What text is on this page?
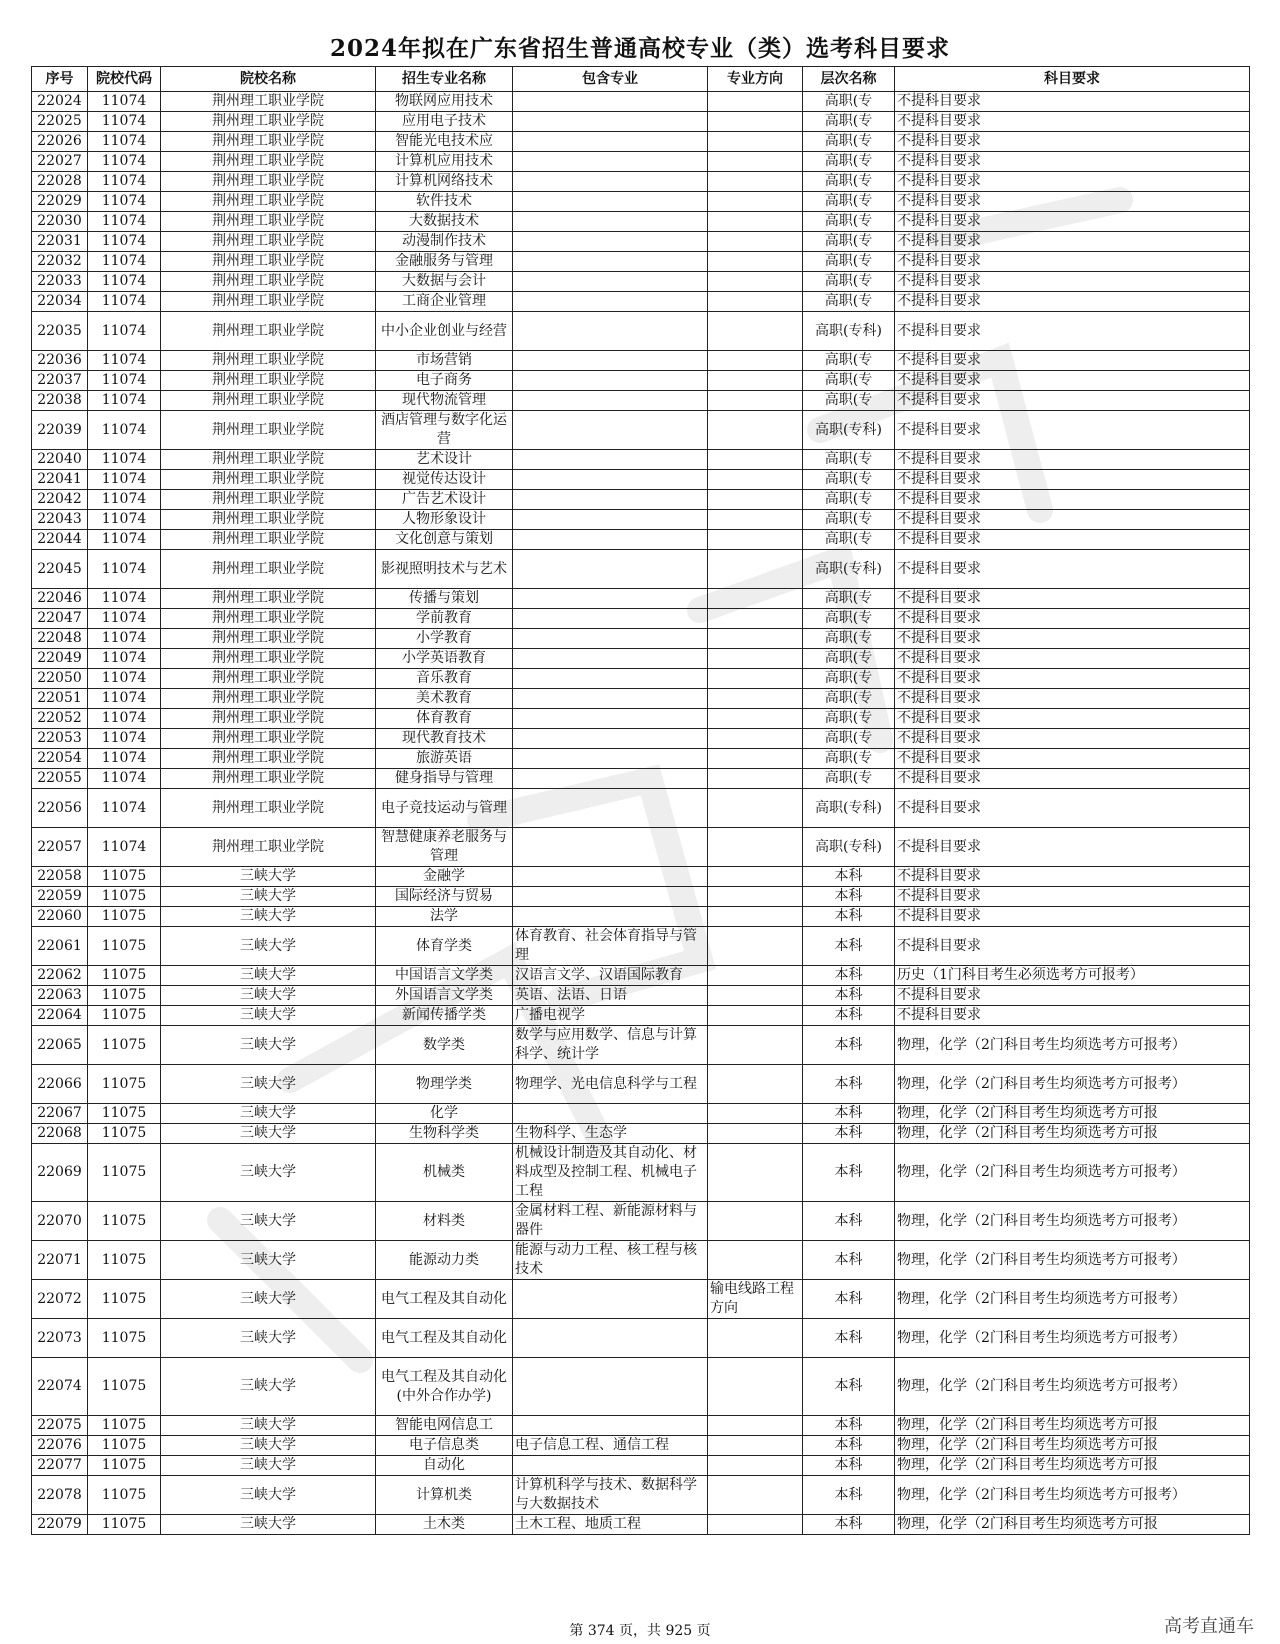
2024年拟在广东省招生普通高校专业（类）选考科目要求
序号	院校代码	院校名称	招生专业名称	包含专业	专业方向	层次名称	科目要求
22024	11074	荆州理工职业学院	物联网应用技术			高职(专	不提科目要求
22025	11074	荆州理工职业学院	应用电子技术			高职(专	不提科目要求
22026	11074	荆州理工职业学院	智能光电技术应			高职(专	不提科目要求
22027	11074	荆州理工职业学院	计算机应用技术			高职(专	不提科目要求
22028	11074	荆州理工职业学院	计算机网络技术			高职(专	不提科目要求
22029	11074	荆州理工职业学院	软件技术			高职(专	不提科目要求
22030	11074	荆州理工职业学院	大数据技术			高职(专	不提科目要求
22031	11074	荆州理工职业学院	动漫制作技术			高职(专	不提科目要求
22032	11074	荆州理工职业学院	金融服务与管理			高职(专	不提科目要求
22033	11074	荆州理工职业学院	大数据与会计			高职(专	不提科目要求
22034	11074	荆州理工职业学院	工商企业管理			高职(专	不提科目要求
22035	11074	荆州理工职业学院	中小企业创业与经营			高职(专科)	不提科目要求
22036	11074	荆州理工职业学院	市场营销			高职(专	不提科目要求
22037	11074	荆州理工职业学院	电子商务			高职(专	不提科目要求
22038	11074	荆州理工职业学院	现代物流管理			高职(专	不提科目要求
22039	11074	荆州理工职业学院	酒店管理与数字化运营			高职(专科)	不提科目要求
22040	11074	荆州理工职业学院	艺术设计			高职(专	不提科目要求
22041	11074	荆州理工职业学院	视觉传达设计			高职(专	不提科目要求
22042	11074	荆州理工职业学院	广告艺术设计			高职(专	不提科目要求
22043	11074	荆州理工职业学院	人物形象设计			高职(专	不提科目要求
22044	11074	荆州理工职业学院	文化创意与策划			高职(专	不提科目要求
22045	11074	荆州理工职业学院	影视照明技术与艺术			高职(专科)	不提科目要求
22046	11074	荆州理工职业学院	传播与策划			高职(专	不提科目要求
22047	11074	荆州理工职业学院	学前教育			高职(专	不提科目要求
22048	11074	荆州理工职业学院	小学教育			高职(专	不提科目要求
22049	11074	荆州理工职业学院	小学英语教育			高职(专	不提科目要求
22050	11074	荆州理工职业学院	音乐教育			高职(专	不提科目要求
22051	11074	荆州理工职业学院	美术教育			高职(专	不提科目要求
22052	11074	荆州理工职业学院	体育教育			高职(专	不提科目要求
22053	11074	荆州理工职业学院	现代教育技术			高职(专	不提科目要求
22054	11074	荆州理工职业学院	旅游英语			高职(专	不提科目要求
22055	11074	荆州理工职业学院	健身指导与管理			高职(专	不提科目要求
22056	11074	荆州理工职业学院	电子竞技运动与管理			高职(专科)	不提科目要求
22057	11074	荆州理工职业学院	智慧健康养老服务与管理			高职(专科)	不提科目要求
22058	11075	三峡大学	金融学			本科	不提科目要求
22059	11075	三峡大学	国际经济与贸易			本科	不提科目要求
22060	11075	三峡大学	法学			本科	不提科目要求
22061	11075	三峡大学	体育学类	体育教育、社会体育指导与管理		本科	不提科目要求
22062	11075	三峡大学	中国语言文学类	汉语言文学、汉语国际教育		本科	历史（1门科目考生必须选考方可报考）
22063	11075	三峡大学	外国语言文学类	英语、法语、日语		本科	不提科目要求
22064	11075	三峡大学	新闻传播学类	广播电视学		本科	不提科目要求
22065	11075	三峡大学	数学类	数学与应用数学、信息与计算科学、统计学		本科	物理，化学（2门科目考生均须选考方可报考）
22066	11075	三峡大学	物理学类	物理学、光电信息科学与工程		本科	物理，化学（2门科目考生均须选考方可报考）
22067	11075	三峡大学	化学			本科	物理，化学（2门科目考生均须选考方可报
22068	11075	三峡大学	生物科学类	生物科学、生态学		本科	物理，化学（2门科目考生均须选考方可报
22069	11075	三峡大学	机械类	机械设计制造及其自动化、材料成型及控制工程、机械电子工程		本科	物理，化学（2门科目考生均须选考方可报考）
22070	11075	三峡大学	材料类	金属材料工程、新能源材料与器件		本科	物理，化学（2门科目考生均须选考方可报考）
22071	11075	三峡大学	能源动力类	能源与动力工程、核工程与核技术		本科	物理，化学（2门科目考生均须选考方可报考）
22072	11075	三峡大学	电气工程及其自动化		输电线路工程方向	本科	物理，化学（2门科目考生均须选考方可报考）
22073	11075	三峡大学	电气工程及其自动化			本科	物理，化学（2门科目考生均须选考方可报考）
22074	11075	三峡大学	电气工程及其自动化(中外合作办学)			本科	物理，化学（2门科目考生均须选考方可报考）
22075	11075	三峡大学	智能电网信息工			本科	物理，化学（2门科目考生均须选考方可报
22076	11075	三峡大学	电子信息类	电子信息工程、通信工程		本科	物理，化学（2门科目考生均须选考方可报
22077	11075	三峡大学	自动化			本科	物理，化学（2门科目考生均须选考方可报
22078	11075	三峡大学	计算机类	计算机科学与技术、数据科学与大数据技术		本科	物理，化学（2门科目考生均须选考方可报考）
22079	11075	三峡大学	土木类	土木工程、地质工程		本科	物理，化学（2门科目考生均须选考方可报
第 374 页，共 925 页	高考直通车
